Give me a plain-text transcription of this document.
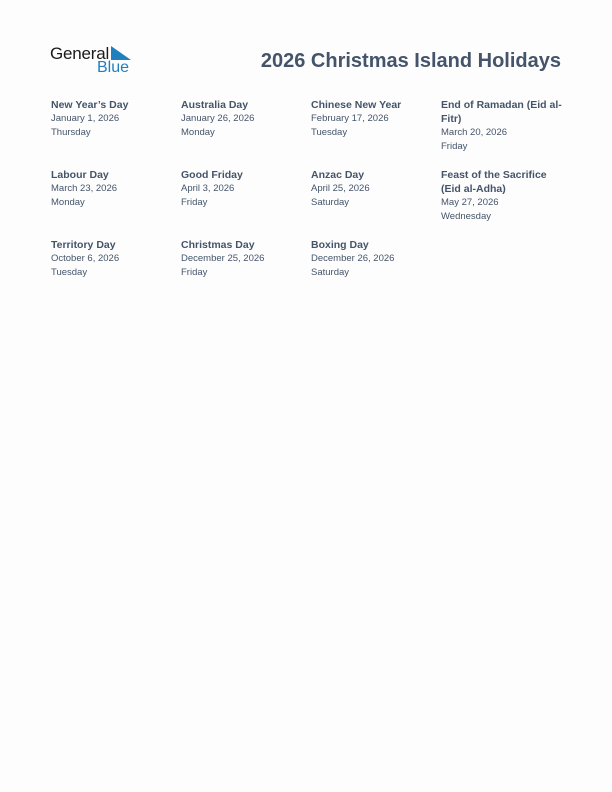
General
Blue	2026 Christmas Island Holidays
New Year’s Day
January 1, 2026
Thursday
Australia Day
January 26, 2026
Monday
Chinese New Year
February 17, 2026
Tuesday
End of Ramadan (Eid al-Fitr)
March 20, 2026
Friday
Labour Day
March 23, 2026
Monday
Good Friday
April 3, 2026
Friday
Anzac Day
April 25, 2026
Saturday
Feast of the Sacrifice (Eid al-Adha)
May 27, 2026
Wednesday
Territory Day
October 6, 2026
Tuesday
Christmas Day
December 25, 2026
Friday
Boxing Day
December 26, 2026
Saturday
